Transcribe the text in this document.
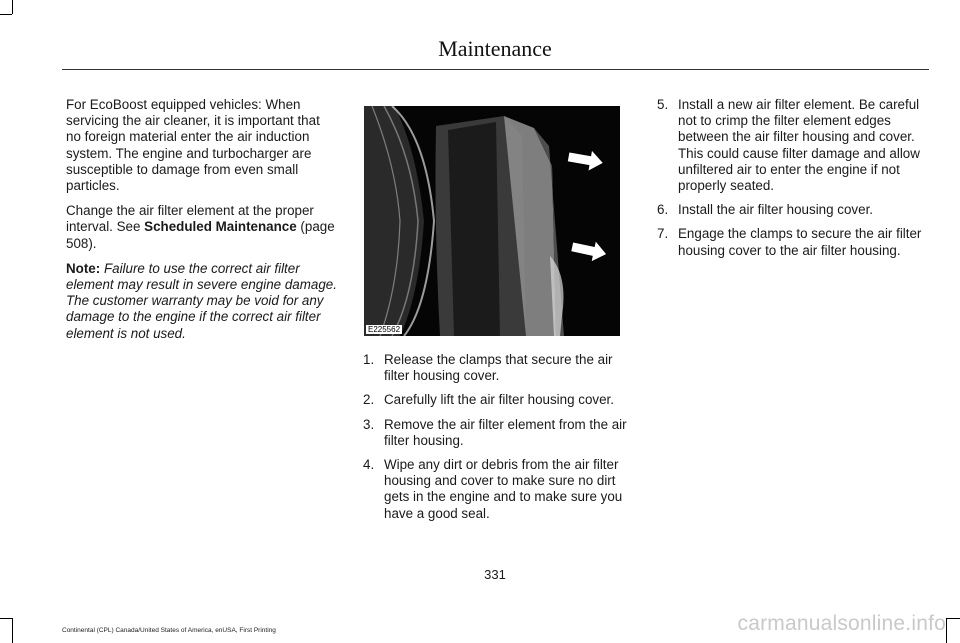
Maintenance

For EcoBoost equipped vehicles: When servicing the air cleaner, it is important that no foreign material enter the air induction system. The engine and turbocharger are susceptible to damage from even small particles.

Change the air filter element at the proper interval. See Scheduled Maintenance (page 508).

Note: Failure to use the correct air filter element may result in severe engine damage. The customer warranty may be void for any damage to the engine if the correct air filter element is not used.	E225562
1. Release the clamps that secure the air filter housing cover.
2. Carefully lift the air filter housing cover.
3. Remove the air filter element from the air filter housing.
4. Wipe any dirt or debris from the air filter housing and cover to make sure no dirt gets in the engine and to make sure you have a good seal.
5. Install a new air filter element. Be careful not to crimp the filter element edges between the air filter housing and cover. This could cause filter damage and allow unfiltered air to enter the engine if not properly seated.
6. Install the air filter housing cover.
7. Engage the clamps to secure the air filter housing cover to the air filter housing.
331
Continental (CPL) Canada/United States of America, enUSA, First Printing	carmanualsonline.info
